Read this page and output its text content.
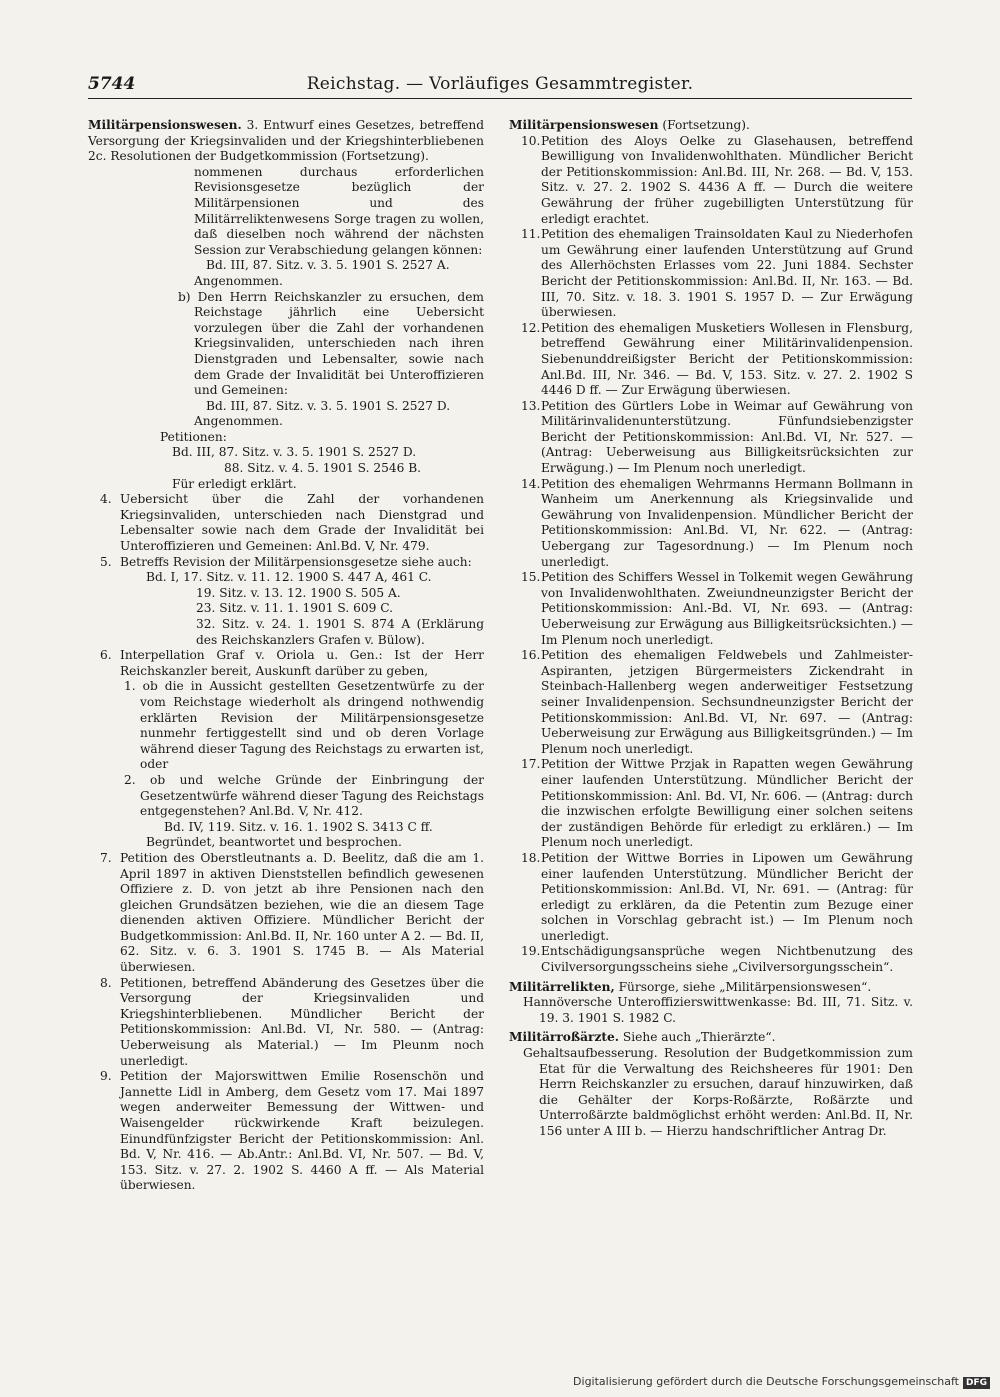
5744	Reichstag. — Vorläufiges Gesammtregister.

Militärpensionswesen. 3. Entwurf eines Gesetzes, betreffend Versorgung der Kriegsinvaliden und der Kriegshinterbliebenen 2c. Resolutionen der Budgetkommission (Fortsetzung).

nommenen durchaus erforderlichen Revisionsgesetze bezüglich der Militärpensionen und des Militärreliktenwesens Sorge tragen zu wollen, daß dieselben noch während der nächsten Session zur Verabschiedung gelangen können:

Bd. III, 87. Sitz. v. 3. 5. 1901 S. 2527 A.

Angenommen.

b) Den Herrn Reichskanzler zu ersuchen, dem Reichstage jährlich eine Uebersicht vorzulegen über die Zahl der vorhandenen Kriegsinvaliden, unterschieden nach ihren Dienstgraden und Lebensalter, sowie nach dem Grade der Invalidität bei Unteroffizieren und Gemeinen:

Bd. III, 87. Sitz. v. 3. 5. 1901 S. 2527 D.

Angenommen.

Petitionen:

Bd. III, 87. Sitz. v. 3. 5. 1901 S. 2527 D.

88. Sitz. v. 4. 5. 1901 S. 2546 B.

Für erledigt erklärt.

4. Uebersicht über die Zahl der vorhandenen Kriegsinvaliden, unterschieden nach Dienstgrad und Lebensalter sowie nach dem Grade der Invalidität bei Unteroffizieren und Gemeinen: Anl.Bd. V, Nr. 479.

5. Betreffs Revision der Militärpensionsgesetze siehe auch:

Bd. I, 17. Sitz. v. 11. 12. 1900 S. 447 A, 461 C.

19. Sitz. v. 13. 12. 1900 S. 505 A.

23. Sitz. v. 11. 1. 1901 S. 609 C.

32. Sitz. v. 24. 1. 1901 S. 874 A (Erklärung des Reichskanzlers Grafen v. Bülow).

6. Interpellation Graf v. Oriola u. Gen.: Ist der Herr Reichskanzler bereit, Auskunft darüber zu geben,

1. ob die in Aussicht gestellten Gesetzentwürfe zu der vom Reichstage wiederholt als dringend nothwendig erklärten Revision der Militärpensionsgesetze nunmehr fertiggestellt sind und ob deren Vorlage während dieser Tagung des Reichstags zu erwarten ist, oder

2. ob und welche Gründe der Einbringung der Gesetzentwürfe während dieser Tagung des Reichstags entgegenstehen? Anl.Bd. V, Nr. 412.

Bd. IV, 119. Sitz. v. 16. 1. 1902 S. 3413 C ff.

Begründet, beantwortet und besprochen.

7. Petition des Oberstleutnants a. D. Beelitz, daß die am 1. April 1897 in aktiven Dienststellen befindlich gewesenen Offiziere z. D. von jetzt ab ihre Pensionen nach den gleichen Grundsätzen beziehen, wie die an diesem Tage dienenden aktiven Offiziere. Mündlicher Bericht der Budgetkommission: Anl.Bd. II, Nr. 160 unter A 2. — Bd. II, 62. Sitz. v. 6. 3. 1901 S. 1745 B. — Als Material überwiesen.

8. Petitionen, betreffend Abänderung des Gesetzes über die Versorgung der Kriegsinvaliden und Kriegshinterbliebenen. Mündlicher Bericht der Petitionskommission: Anl.Bd. VI, Nr. 580. — (Antrag: Ueberweisung als Material.) — Im Pleunm noch unerledigt.

9. Petition der Majorswittwen Emilie Rosenschön und Jannette Lidl in Amberg, dem Gesetz vom 17. Mai 1897 wegen anderweiter Bemessung der Wittwen- und Waisengelder rückwirkende Kraft beizulegen. Einundfünfzigster Bericht der Petitionskommission: Anl. Bd. V, Nr. 416. — Ab.Antr.: Anl.Bd. VI, Nr. 507. — Bd. V, 153. Sitz. v. 27. 2. 1902 S. 4460 A ff. — Als Material überwiesen.

Militärpensionswesen (Fortsetzung).

10. Petition des Aloys Oelke zu Glasehausen, betreffend Bewilligung von Invalidenwohlthaten. Mündlicher Bericht der Petitionskommission: Anl.Bd. III, Nr. 268. — Bd. V, 153. Sitz. v. 27. 2. 1902 S. 4436 A ff. — Durch die weitere Gewährung der früher zugebilligten Unterstützung für erledigt erachtet.

11. Petition des ehemaligen Trainsoldaten Kaul zu Niederhofen um Gewährung einer laufenden Unterstützung auf Grund des Allerhöchsten Erlasses vom 22. Juni 1884. Sechster Bericht der Petitionskommission: Anl.Bd. II, Nr. 163. — Bd. III, 70. Sitz. v. 18. 3. 1901 S. 1957 D. — Zur Erwägung überwiesen.

12. Petition des ehemaligen Musketiers Wollesen in Flensburg, betreffend Gewährung einer Militärinvalidenpension. Siebenunddreißigster Bericht der Petitionskommission: Anl.Bd. III, Nr. 346. — Bd. V, 153. Sitz. v. 27. 2. 1902 S 4446 D ff. — Zur Erwägung überwiesen.

13. Petition des Gürtlers Lobe in Weimar auf Gewährung von Militärinvalidenunterstützung. Fünfundsiebenzigster Bericht der Petitionskommission: Anl.Bd. VI, Nr. 527. — (Antrag: Ueberweisung aus Billigkeitsrücksichten zur Erwägung.) — Im Plenum noch unerledigt.

14. Petition des ehemaligen Wehrmanns Hermann Bollmann in Wanheim um Anerkennung als Kriegsinvalide und Gewährung von Invalidenpension. Mündlicher Bericht der Petitionskommission: Anl.Bd. VI, Nr. 622. — (Antrag: Uebergang zur Tagesordnung.) — Im Plenum noch unerledigt.

15. Petition des Schiffers Wessel in Tolkemit wegen Gewährung von Invalidenwohlthaten. Zweiundneunzigster Bericht der Petitionskommission: Anl.-Bd. VI, Nr. 693. — (Antrag: Ueberweisung zur Erwägung aus Billigkeitsrücksichten.) — Im Plenum noch unerledigt.

16. Petition des ehemaligen Feldwebels und Zahlmeister-Aspiranten, jetzigen Bürgermeisters Zickendraht in Steinbach-Hallenberg wegen anderweitiger Festsetzung seiner Invalidenpension. Sechsundneunzigster Bericht der Petitionskommission: Anl.Bd. VI, Nr. 697. — (Antrag: Ueberweisung zur Erwägung aus Billigkeitsgründen.) — Im Plenum noch unerledigt.

17. Petition der Wittwe Przjak in Rapatten wegen Gewährung einer laufenden Unterstützung. Mündlicher Bericht der Petitionskommission: Anl. Bd. VI, Nr. 606. — (Antrag: durch die inzwischen erfolgte Bewilligung einer solchen seitens der zuständigen Behörde für erledigt zu erklären.) — Im Plenum noch unerledigt.

18. Petition der Wittwe Borries in Lipowen um Gewährung einer laufenden Unterstützung. Mündlicher Bericht der Petitionskommission: Anl.Bd. VI, Nr. 691. — (Antrag: für erledigt zu erklären, da die Petentin zum Bezuge einer solchen in Vorschlag gebracht ist.) — Im Plenum noch unerledigt.

19. Entschädigungsansprüche wegen Nichtbenutzung des Civilversorgungsscheins siehe „Civilversorgungsschein“.

Militärrelikten, Fürsorge, siehe „Militärpensionswesen“.

Hannöversche Unteroffizierswittwenkasse: Bd. III, 71. Sitz. v. 19. 3. 1901 S. 1982 C.

Militärroßärzte. Siehe auch „Thierärzte“.

Gehaltsaufbesserung. Resolution der Budgetkommission zum Etat für die Verwaltung des Reichsheeres für 1901: Den Herrn Reichskanzler zu ersuchen, darauf hinzuwirken, daß die Gehälter der Korps-Roßärzte, Roßärzte und Unterroßärzte baldmöglichst erhöht werden: Anl.Bd. II, Nr. 156 unter A III b. — Hierzu handschriftlicher Antrag Dr.

Digitalisierung gefördert durch die Deutsche Forschungsgemeinschaft DFG
